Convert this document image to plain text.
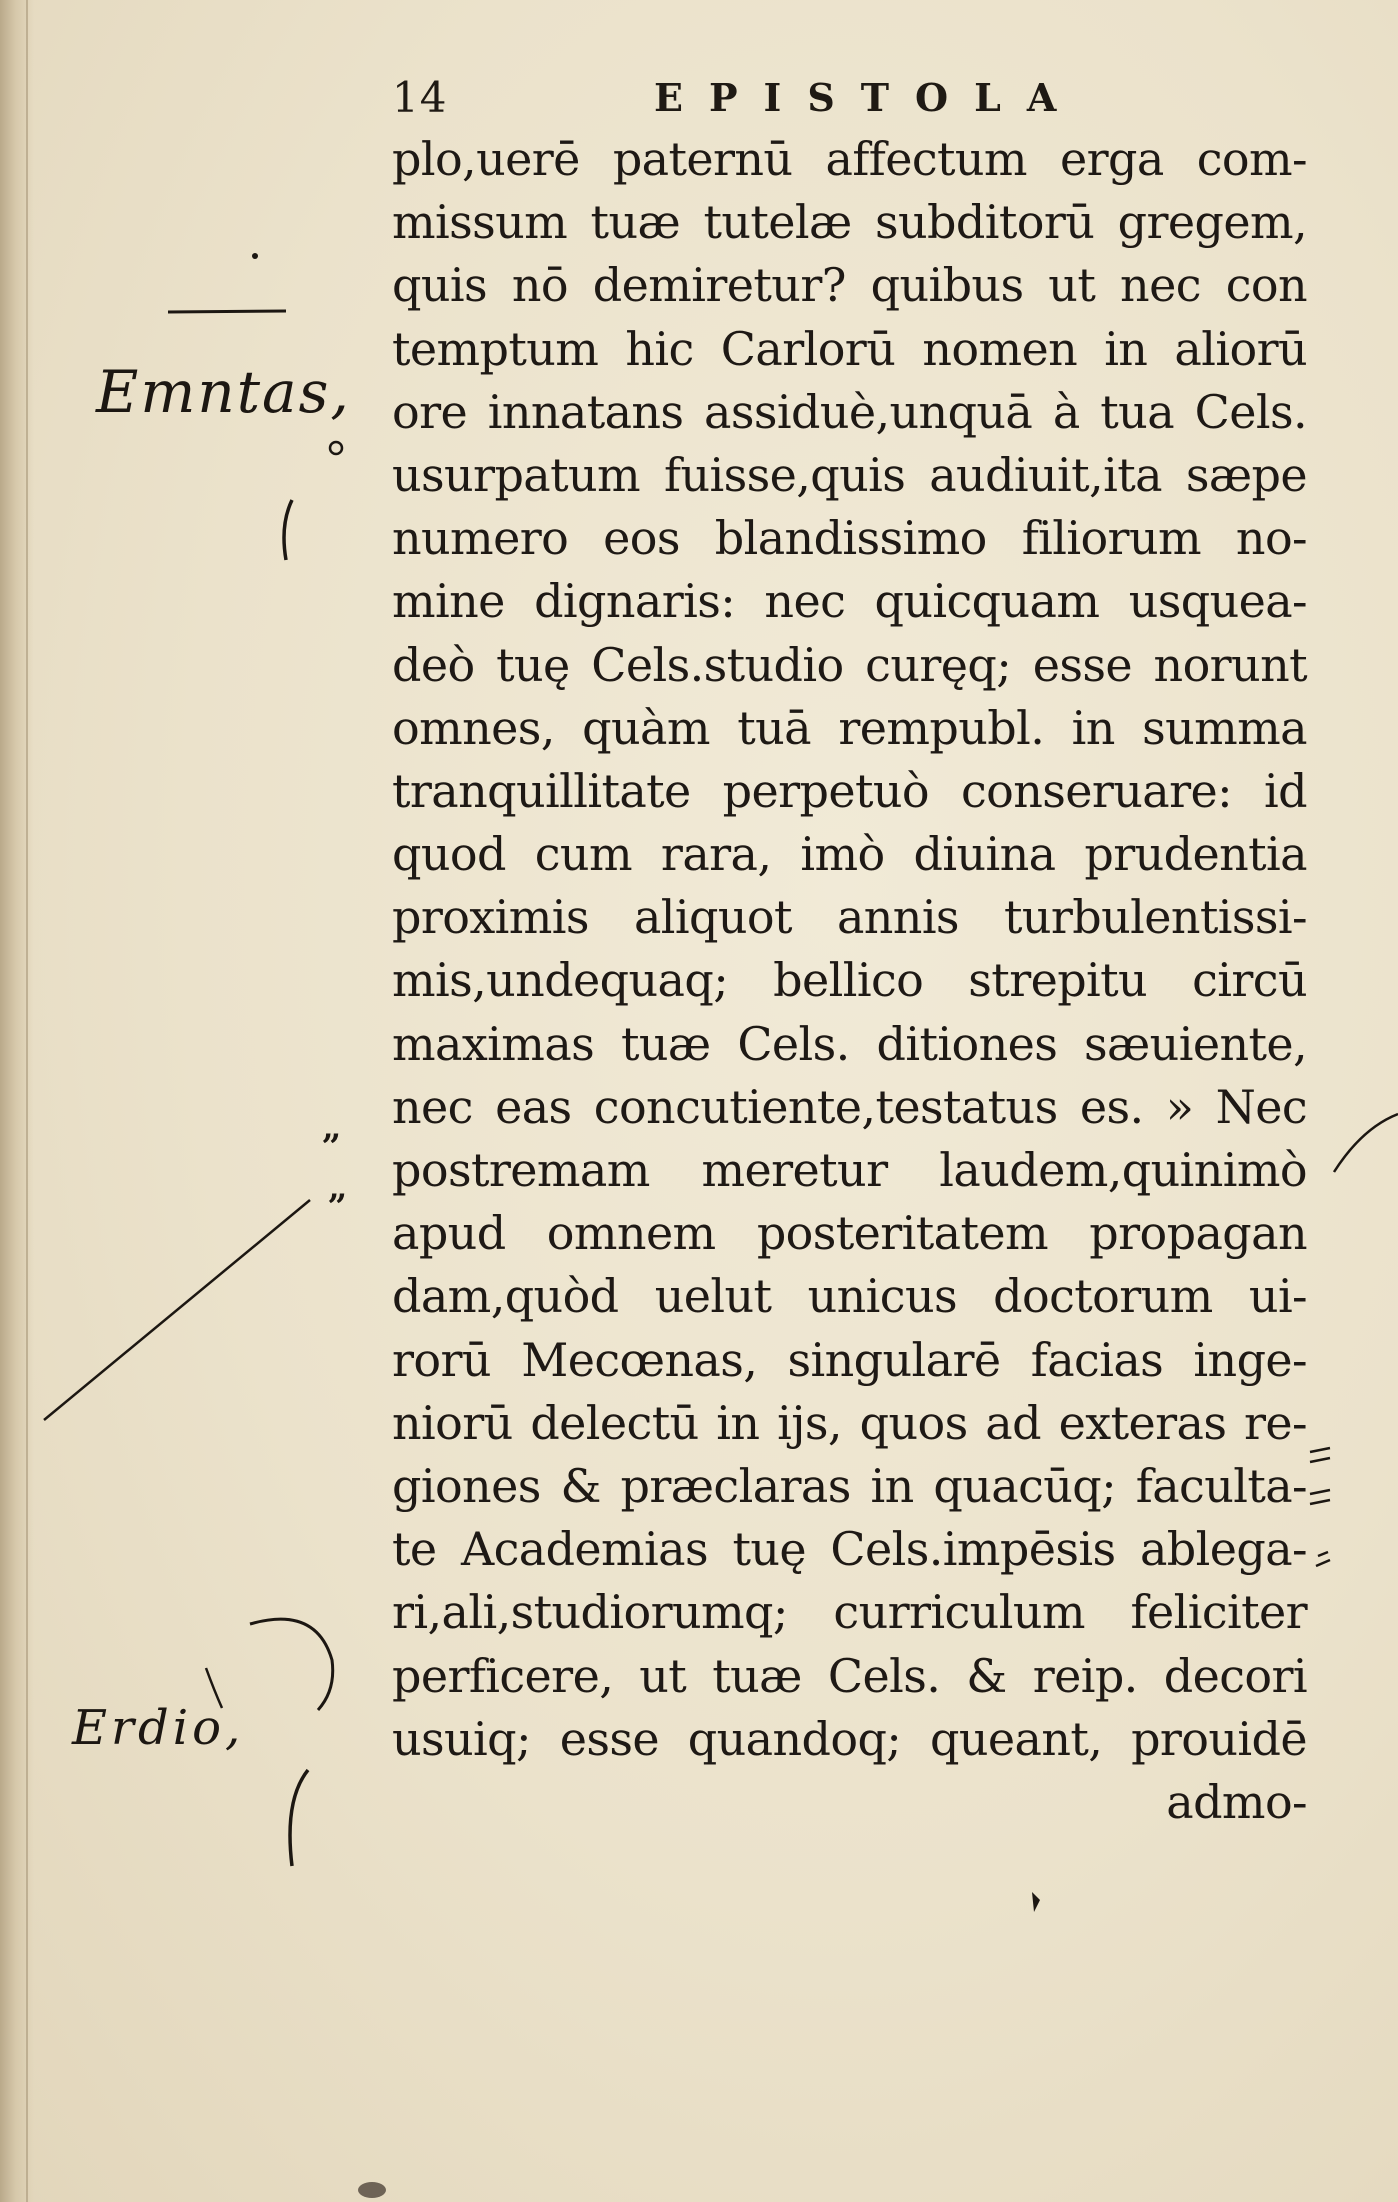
14	EPISTOLA
plo,uerē paternū affectum erga com-
missum tuæ tutelæ subditorū gregem,
quis nō demiretur? quibus ut nec con
temptum hic Carlorū nomen in aliorū
ore innatans assiduè,unquā à tua Cels.
usurpatum fuisse,quis audiuit,ita sæpe
numero eos blandissimo filiorum no-
mine dignaris: nec quicquam usquea-
deò tuę Cels.studio curęq; esse norunt
omnes, quàm tuā rempubl. in summa
tranquillitate perpetuò conseruare: id
quod cum rara, imò diuina prudentia
proximis aliquot annis turbulentissi-
mis,undequaq; bellico strepitu circū
maximas tuæ Cels. ditiones sæuiente,
nec eas concutiente,testatus es. » Nec
postremam meretur laudem,quinimò
apud omnem posteritatem propagan
dam,quòd uelut unicus doctorum ui-
rorū Mecœnas, singularē facias inge-
niorū delectū in ijs, quos ad exteras re-
giones & præclaras in quacūq; faculta-
te Academias tuę Cels.impēsis ablega-
ri,ali,studiorumq; curriculum feliciter
perficere, ut tuæ Cels. & reip. decori
usuiq; esse quandoq; queant, prouidē
admo-
Emntas,
Erdio,
„
„
